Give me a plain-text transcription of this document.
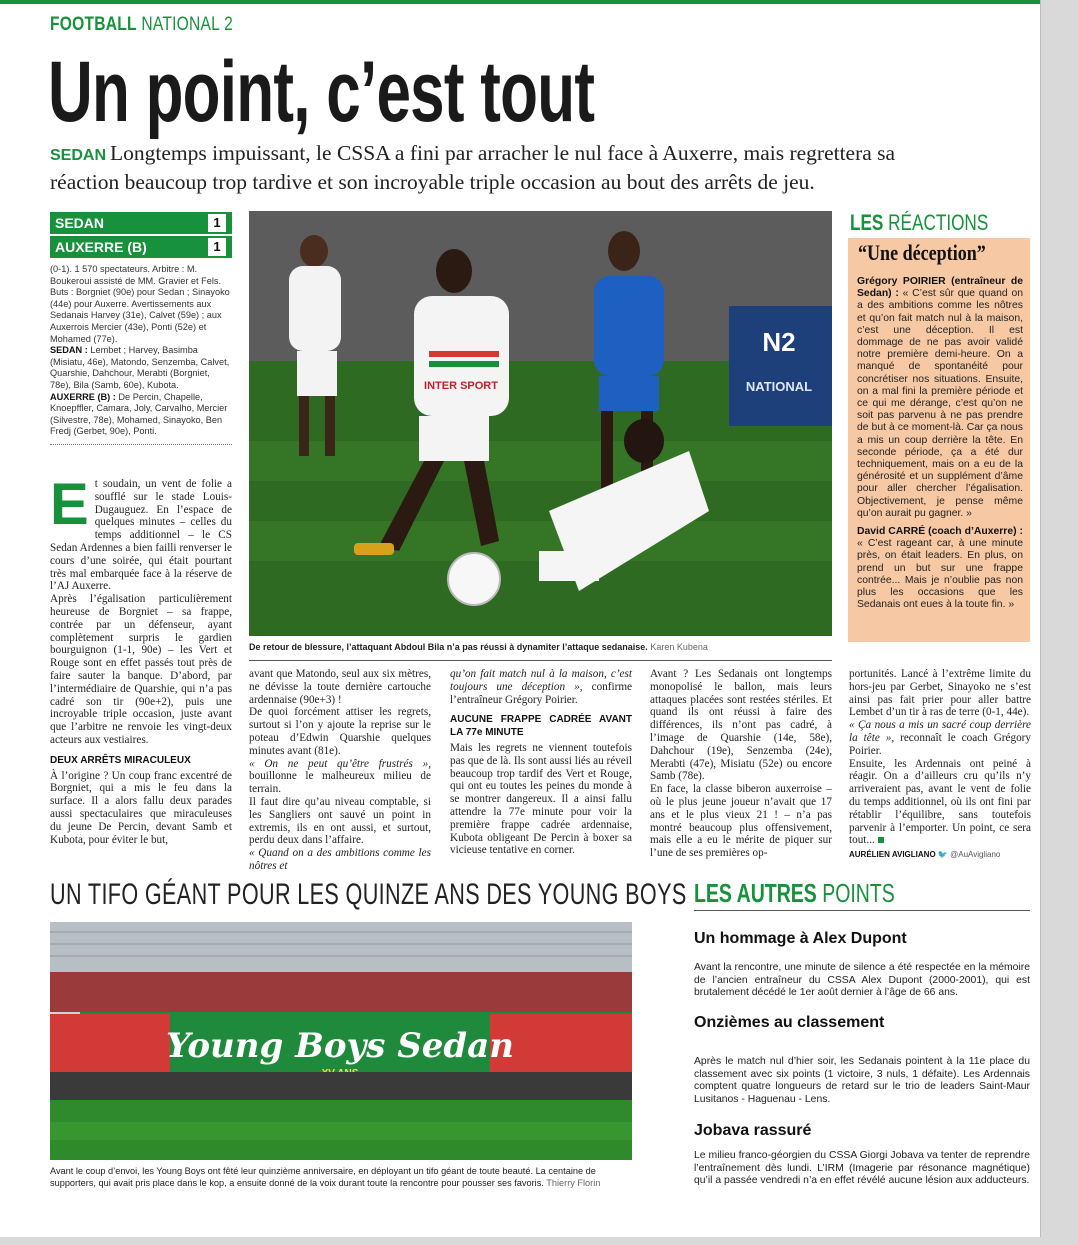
FOOTBALL NATIONAL 2
Un point, c’est tout
SEDAN Longtemps impuissant, le CSSA a fini par arracher le nul face à Auxerre, mais regrettera sa réaction beaucoup trop tardive et son incroyable triple occasion au bout des arrêts de jeu.
SEDAN	1
AUXERRE (B)	1
(0-1). 1 570 spectateurs. Arbitre : M. Boukeroui assisté de MM. Gravier et Fels.
Buts : Borgniet (90e) pour Sedan ; Sinayoko (44e) pour Auxerre. Avertissements aux Sedanais Harvey (31e), Calvet (59e) ; aux Auxerrois Mercier (43e), Ponti (52e) et Mohamed (77e).
SEDAN : Lembet ; Harvey, Basimba (Misiatu, 46e), Matondo, Senzemba, Calvet, Quarshie, Dahchour, Merabti (Borgniet, 78e), Bila (Samb, 60e), Kubota.
AUXERRE (B) : De Percin, Chapelle, Knoepffler, Camara, Joly, Carvalho, Mercier (Silvestre, 78e), Mohamed, Sinayoko, Ben Fredj (Gerbet, 90e), Ponti.
E t soudain, un vent de folie a soufflé sur le stade Louis-Dugauguez. En l’espace de quelques minutes – celles du temps additionnel – le CS Sedan Ardennes a bien failli renverser le cours d’une soirée, qui était pourtant très mal embarquée face à la réserve de l’AJ Auxerre.

Après l’égalisation particulièrement heureuse de Borgniet – sa frappe, contrée par un défenseur, ayant complètement surpris le gardien bourguignon (1-1, 90e) – les Vert et Rouge sont en effet passés tout près de faire sauter la banque. D’abord, par l’intermédiaire de Quarshie, qui n’a pas cadré son tir (90e+2), puis une incroyable triple occasion, juste avant que l’arbitre ne renvoie les vingt-deux acteurs aux vestiaires.

DEUX ARRÊTS MIRACULEUX

À l’origine ? Un coup franc excentré de Borgniet, qui a mis le feu dans la surface. Il a alors fallu deux parades aussi spectaculaires que miraculeuses du jeune De Percin, devant Samb et Kubota, pour éviter le but,

avant que Matondo, seul aux six mètres, ne dévisse la toute dernière cartouche ardennaise (90e+3) !

De quoi forcément attiser les regrets, surtout si l’on y ajoute la reprise sur le poteau d’Edwin Quarshie quelques minutes avant (81e).

« On ne peut qu’être frustrés », bouillonne le malheureux milieu de terrain.

Il faut dire qu’au niveau comptable, si les Sangliers ont sauvé un point in extremis, ils en ont aussi, et surtout, perdu deux dans l’affaire.

« Quand on a des ambitions comme les nôtres et

qu’on fait match nul à la maison, c’est toujours une déception », confirme l’entraîneur Grégory Poirier.

AUCUNE FRAPPE CADRÉE AVANT LA 77e MINUTE

Mais les regrets ne viennent toutefois pas que de là. Ils sont aussi liés au réveil beaucoup trop tardif des Vert et Rouge, qui ont eu toutes les peines du monde à se montrer dangereux. Il a ainsi fallu attendre la 77e minute pour voir la première frappe cadrée ardennaise, Kubota obligeant De Percin à boxer sa vicieuse tentative en corner.

Avant ? Les Sedanais ont longtemps monopolisé le ballon, mais leurs attaques placées sont restées stériles. Et quand ils ont réussi à faire des différences, ils n’ont pas cadré, à l’image de Quarshie (14e, 58e), Dahchour (19e), Senzemba (24e), Merabti (47e), Misiatu (52e) ou encore Samb (78e).

En face, la classe biberon auxerroise – où le plus jeune joueur n’avait que 17 ans et le plus vieux 21 ! – n’a pas montré beaucoup plus offensivement, mais elle a eu le mérite de piquer sur l’une de ses premières op-

portunités. Lancé à l’extrême limite du hors-jeu par Gerbet, Sinayoko ne s’est ainsi pas fait prier pour aller battre Lembet d’un tir à ras de terre (0-1, 44e).

« Ça nous a mis un sacré coup derrière la tête », reconnaît le coach Grégory Poirier.

Ensuite, les Ardennais ont peiné à réagir. On a d’ailleurs cru qu’ils n’y arriveraient pas, avant le vent de folie du temps additionnel, où ils ont fini par rétablir l’équilibre, sans toutefois parvenir à l’emporter. Un point, ce sera tout...

AURÉLIEN AVIGLIANO 🐦 @AuAvigliano
N2
NATIONAL
INTER SPORT
De retour de blessure, l’attaquant Abdoul Bila n’a pas réussi à dynamiter l’attaque sedanaise. Karen Kubena
LES RÉACTIONS
“Une déception”
Grégory POIRIER (entraîneur de Sedan) : « C’est sûr que quand on a des ambitions comme les nôtres et qu’on fait match nul à la maison, c’est une déception. Il est dommage de ne pas avoir validé notre première demi-heure. On a manqué de spontanéité pour concrétiser nos situations. Ensuite, on a mal fini la première période et ce qui me dérange, c’est qu’on ne soit pas parvenu à ne pas prendre de but à ce moment-là. Car ça nous a mis un coup derrière la tête. En seconde période, ça a été dur techniquement, mais on a eu de la générosité et un supplément d’âme pour aller chercher l’égalisation. Objectivement, je pense même qu’on aurait pu gagner. »
David CARRÉ (coach d’Auxerre) : « C’est rageant car, à une minute près, on était leaders. En plus, on prend un but sur une frappe contrée... Mais je n’oublie pas non plus les occasions que les Sedanais ont eues à la toute fin. »
UN TIFO GÉANT POUR LES QUINZE ANS DES YOUNG BOYS
Young Boys Sedan
Avant le coup d’envoi, les Young Boys ont fêté leur quinzième anniversaire, en déployant un tifo géant de toute beauté. La centaine de supporters, qui avait pris place dans le kop, a ensuite donné de la voix durant toute la rencontre pour pousser ses favoris. Thierry Florin
LES AUTRES POINTS
Un hommage à Alex Dupont
Avant la rencontre, une minute de silence a été respectée en la mémoire de l’ancien entraîneur du CSSA Alex Dupont (2000-2001), qui est brutalement décédé le 1er août dernier à l’âge de 66 ans.
Onzièmes au classement
Après le match nul d’hier soir, les Sedanais pointent à la 11e place du classement avec six points (1 victoire, 3 nuls, 1 défaite). Les Ardennais comptent quatre longueurs de retard sur le trio de leaders Saint-Maur Lusitanos - Haguenau - Lens.
Jobava rassuré
Le milieu franco-géorgien du CSSA Giorgi Jobava va tenter de reprendre l’entraînement dès lundi. L’IRM (Imagerie par résonance magnétique) qu’il a passée vendredi n’a en effet révélé aucune lésion aux adducteurs.
